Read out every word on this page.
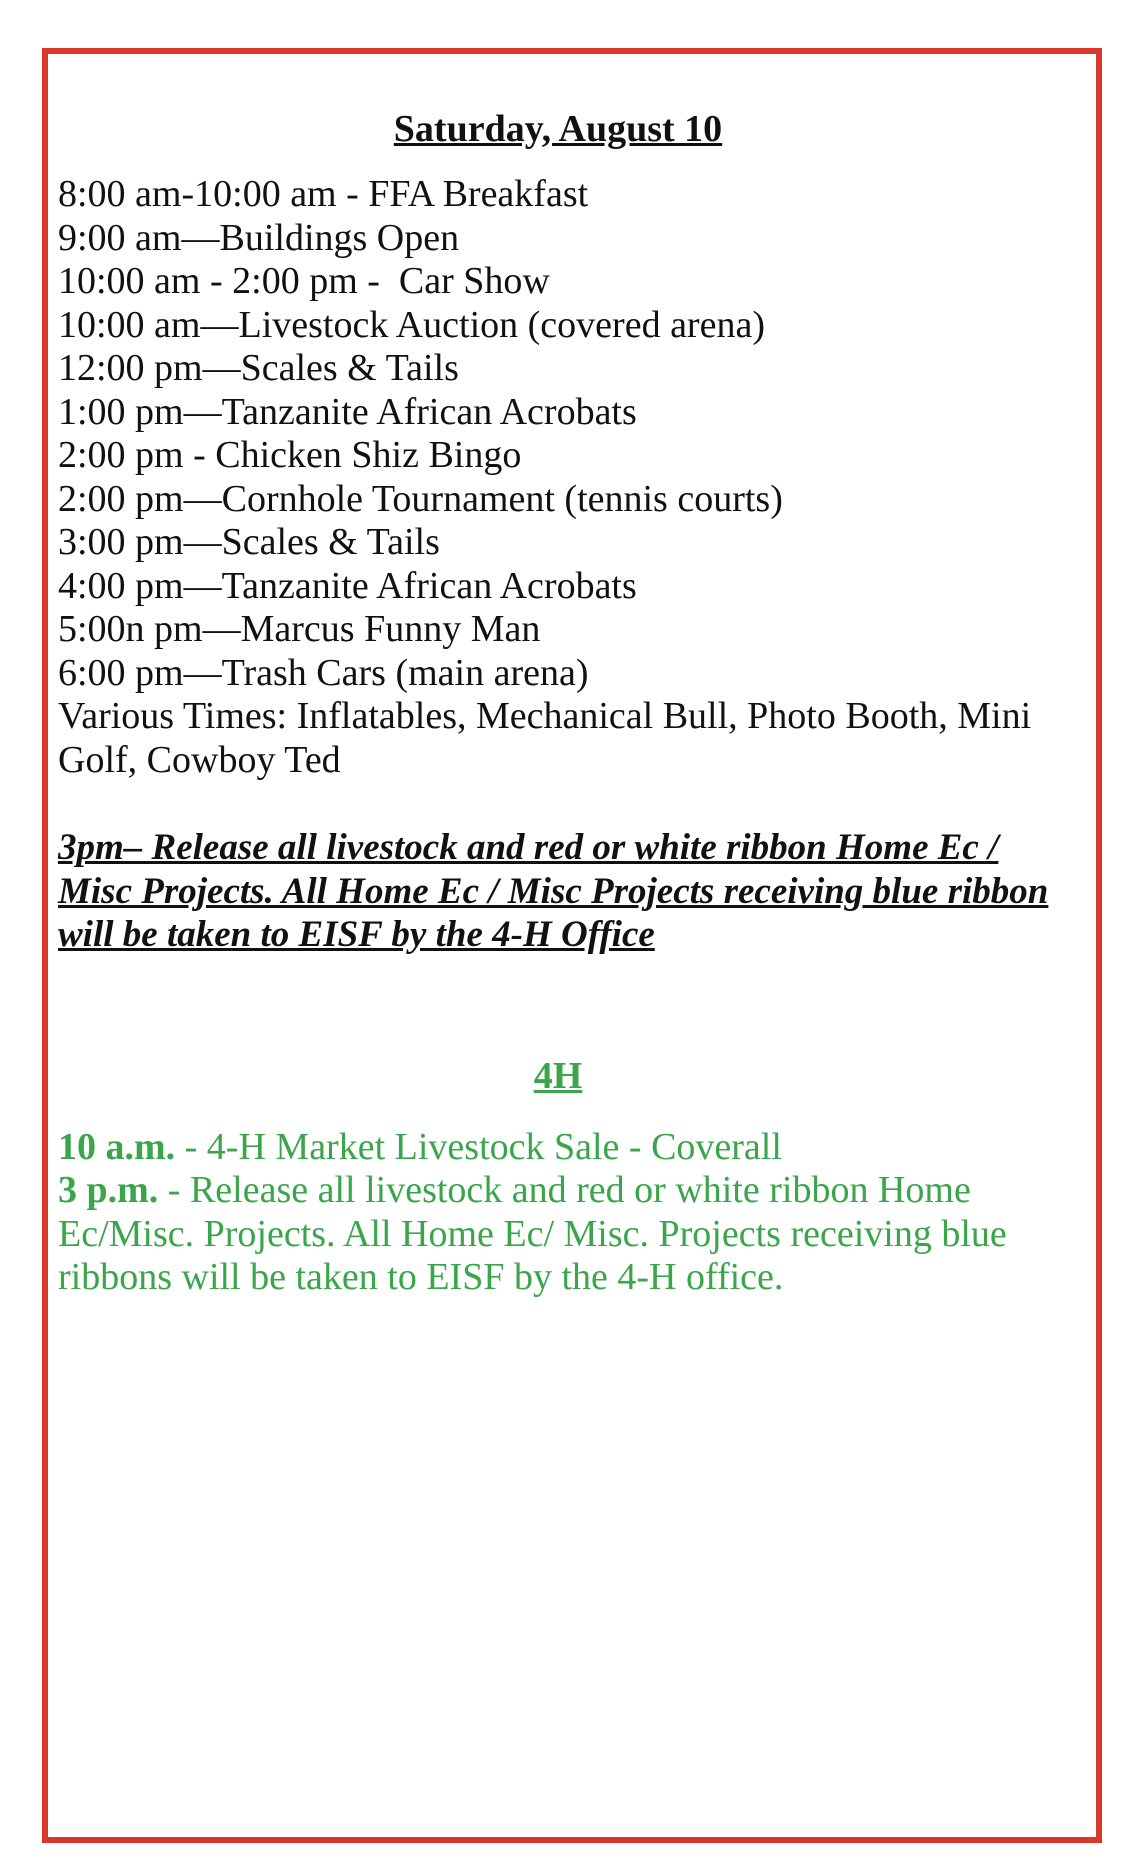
Saturday, August 10
8:00 am-10:00 am - FFA Breakfast
9:00 am—Buildings Open
10:00 am - 2:00 pm -  Car Show
10:00 am—Livestock Auction (covered arena)
12:00 pm—Scales & Tails
1:00 pm—Tanzanite African Acrobats
2:00 pm - Chicken Shiz Bingo
2:00 pm—Cornhole Tournament (tennis courts)
3:00 pm—Scales & Tails
4:00 pm—Tanzanite African Acrobats
5:00n pm—Marcus Funny Man
6:00 pm—Trash Cars (main arena)
Various Times: Inflatables, Mechanical Bull, Photo Booth, Mini Golf, Cowboy Ted
3pm– Release all livestock and red or white ribbon Home Ec / Misc Projects. All Home Ec / Misc Projects receiving blue ribbon will be taken to EISF by the 4-H Office
4H
10 a.m. - 4-H Market Livestock Sale - Coverall
3 p.m. - Release all livestock and red or white ribbon Home Ec/Misc. Projects. All Home Ec/ Misc. Projects receiving blue ribbons will be taken to EISF by the 4-H office.
